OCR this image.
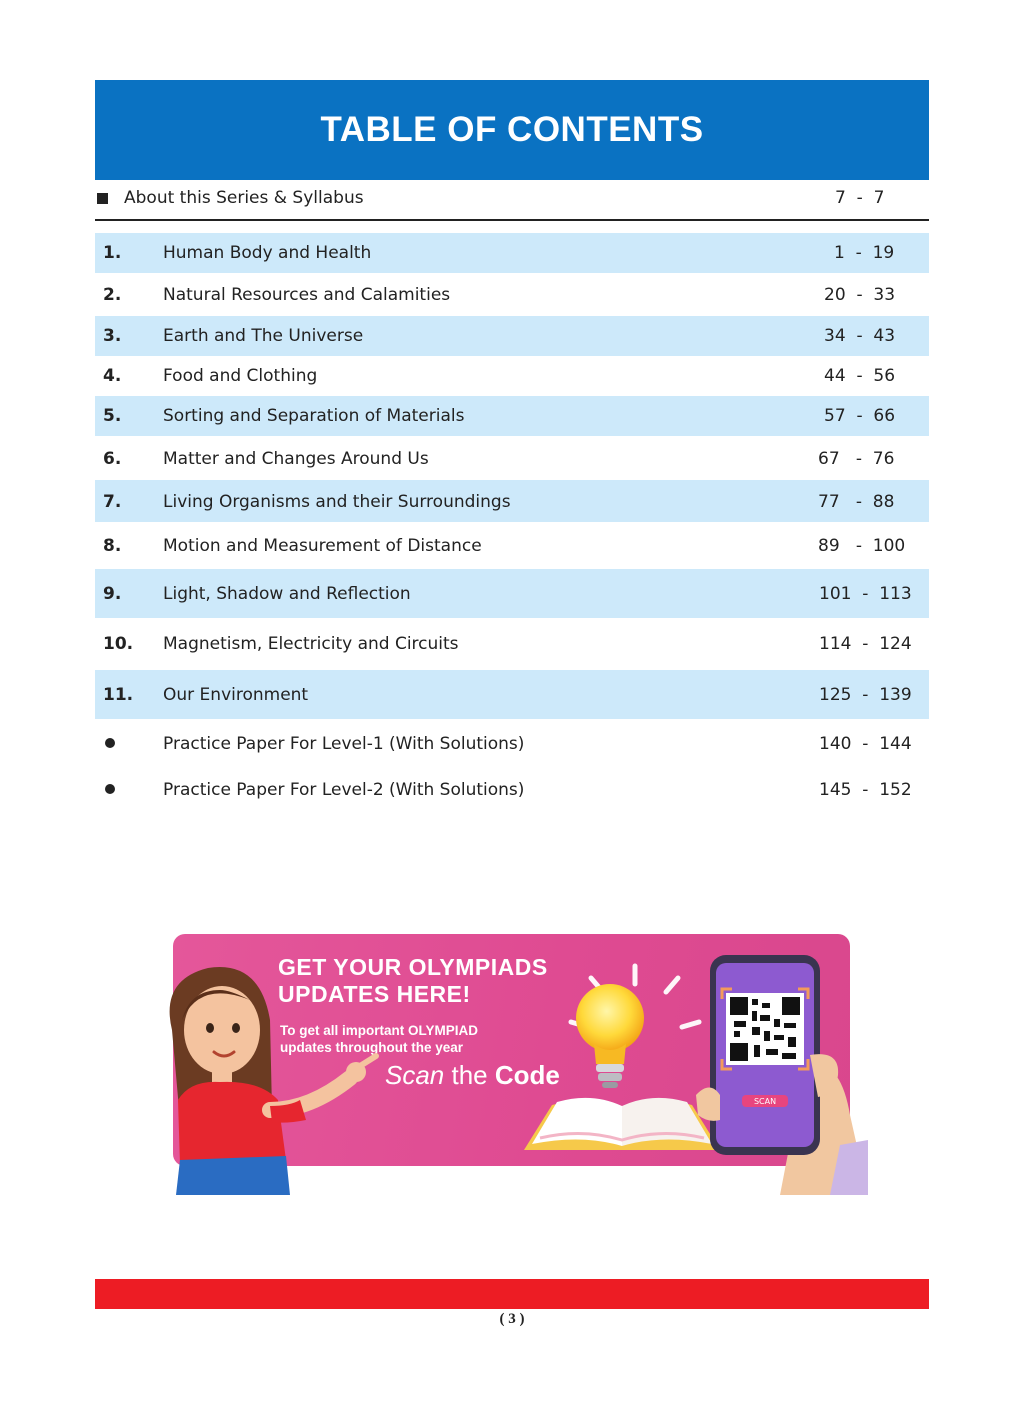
TABLE OF CONTENTS
About this Series & Syllabus	7  -  7
1. Human Body and Health	1  -  19
2. Natural Resources and Calamities	20  -  33
3. Earth and The Universe	34  -  43
4. Food and Clothing	44  -  56
5. Sorting and Separation of Materials	57  -  66
6. Matter and Changes Around Us	67   -  76
7. Living Organisms and their Surroundings	77   -  88
8. Motion and Measurement of Distance	89   -  100
9. Light, Shadow and Reflection	101  -  113
10. Magnetism, Electricity and Circuits	114  -  124
11. Our Environment	125  -  139
Practice Paper For Level-1 (With Solutions)	140  -  144
Practice Paper For Level-2 (With Solutions)	145  -  152
GET YOUR OLYMPIADS
UPDATES HERE!
To get all important OLYMPIAD
updates throughout the year
Scan the Code
SCAN
( 3 )
